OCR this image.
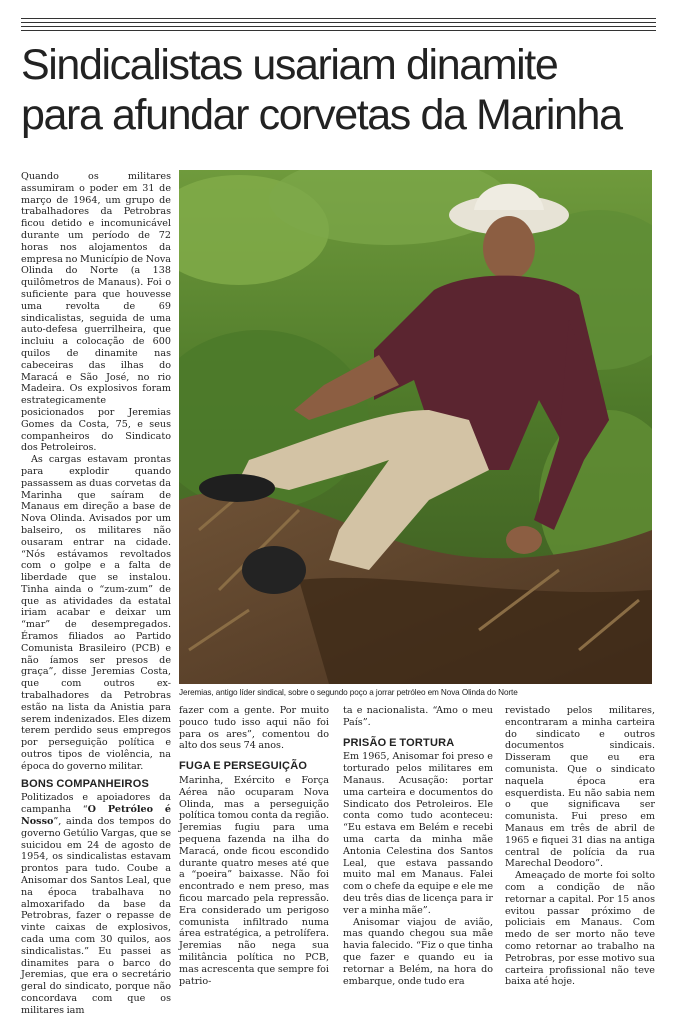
Sindicalistas usariam dinamite
para afundar corvetas da Marinha

Quando os militares assumiram o poder em 31 de março de 1964, um grupo de trabalhadores da Petrobras ficou detido e incomunicável durante um período de 72 horas nos alojamentos da empresa no Município de Nova Olinda do Norte (a 138 quilômetros de Manaus). Foi o suficiente para que houvesse uma revolta de 69 sindicalistas, seguida de uma auto-defesa guerrilheira, que incluiu a colocação de 600 quilos de dinamite nas cabeceiras das ilhas do Maracá e São José, no rio Madeira. Os explosivos foram estrategicamente posicionados por Jeremias Gomes da Costa, 75, e seus companheiros do Sindicato dos Petroleiros.

As cargas estavam prontas para explodir quando passassem as duas corvetas da Marinha que saíram de Manaus em direção a base de Nova Olinda. Avisados por um balseiro, os militares não ousaram entrar na cidade. “Nós estávamos revoltados com o golpe e a falta de liberdade que se instalou. Tinha ainda o “zum-zum” de que as atividades da estatal iriam acabar e deixar um “mar” de desempregados. Éramos filiados ao Partido Comunista Brasileiro (PCB) e não íamos ser presos de graça”, disse Jeremias Costa, que com outros ex-trabalhadores da Petrobras estão na lista da Anistia para serem indenizados. Eles dizem terem perdido seus empregos por perseguição política e outros tipos de violência, na época do governo militar.

BONS COMPANHEIROS

Politizados e apoiadores da campanha “O Petróleo é Nosso”, ainda dos tempos do governo Getúlio Vargas, que se suicidou em 24 de agosto de 1954, os sindicalistas estavam prontos para tudo. Coube a Anisomar dos Santos Leal, que na época trabalhava no almoxarifado da base da Petrobras, fazer o repasse de vinte caixas de explosivos, cada uma com 30 quilos, aos sindicalistas.” Eu passei as dinamites para o barco do Jeremias, que era o secretário geral do sindicato, porque não concordava com que os militares iam

Jeremias, antigo líder sindical, sobre o segundo poço a jorrar petróleo em Nova Olinda do Norte

fazer com a gente. Por muito pouco tudo isso aqui não foi para os ares”, comentou do alto dos seus 74 anos.

FUGA E PERSEGUIÇÃO

Marinha, Exército e Força Aérea não ocuparam Nova Olinda, mas a perseguição política tomou conta da região. Jeremias fugiu para uma pequena fazenda na ilha do Maracá, onde ficou escondido durante quatro meses até que a “poeira” baixasse. Não foi encontrado e nem preso, mas ficou marcado pela repressão. Era considerado um perigoso comunista infiltrado numa área estratégica, a petrolífera. Jeremias não nega sua militância política no PCB, mas acrescenta que sempre foi patrio-

ta e nacionalista. “Amo o meu País”.

PRISÃO E TORTURA

Em 1965, Anisomar foi preso e torturado pelos militares em Manaus. Acusação: portar uma carteira e documentos do Sindicato dos Petroleiros. Ele conta como tudo aconteceu: “Eu estava em Belém e recebi uma carta da minha mãe Antonia Celestina dos Santos Leal, que estava passando muito mal em Manaus. Falei com o chefe da equipe e ele me deu três dias de licença para ir ver a minha mãe”.

Anisomar viajou de avião, mas quando chegou sua mãe havia falecido. “Fiz o que tinha que fazer e quando eu ia retornar a Belém, na hora do embarque, onde tudo era

revistado pelos militares, encontraram a minha carteira do sindicato e outros documentos sindicais. Disseram que eu era comunista. Que o sindicato naquela época era esquerdista. Eu não sabia nem o que significava ser comunista. Fui preso em Manaus em três de abril de 1965 e fiquei 31 dias na antiga central de polícia da rua Marechal Deodoro”.

Ameaçado de morte foi solto com a condição de não retornar a capital. Por 15 anos evitou passar próximo de policiais em Manaus. Com medo de ser morto não teve como retornar ao trabalho na Petrobras, por esse motivo sua carteira profissional não teve baixa até hoje.
